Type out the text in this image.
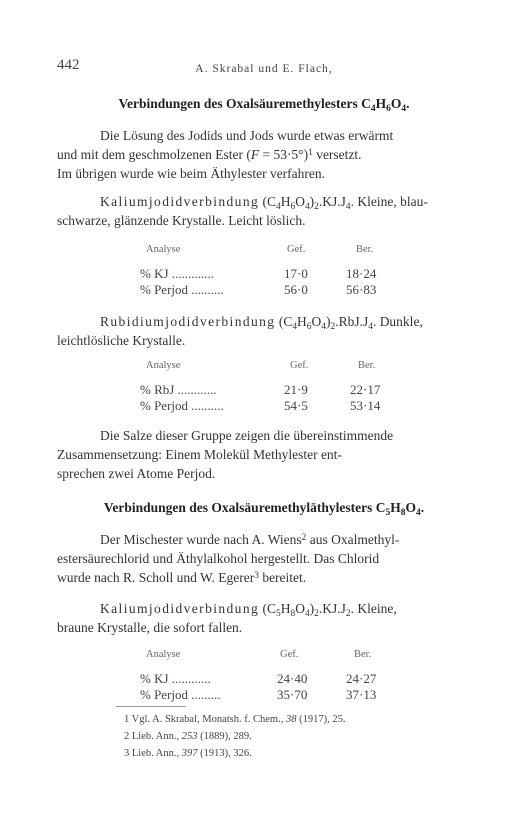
442	A. Skrabal und E. Flach,
Verbindungen des Oxalsäuremethylesters $C_4H_6O_4$.
Die Lösung des Jodids und Jods wurde etwas erwärmt
und mit dem geschmolzenen Ester (F = 53·5°)$^1$ versetzt.
Im übrigen wurde wie beim Äthylester verfahren.
Kaliumjodidverbindung $(C_4H_6O_4)_2.KJ.J_4$. Kleine, blau-
schwarze, glänzende Krystalle. Leicht löslich.
Analyse	Gef.	Ber.
% KJ .............	17·0	18·24
% Perjod ..........	56·0	56·83
Rubidiumjodidverbindung $(C_4H_6O_4)_2.RbJ.J_4$. Dunkle,
leichtlösliche Krystalle.
Analyse	Gef.	Ber.
% RbJ ............	21·9	22·17
% Perjod ..........	54·5	53·14
Die Salze dieser Gruppe zeigen die übereinstimmende
Zusammensetzung: Einem Molekül Methylester ent-
sprechen zwei Atome Perjod.
Verbindungen des Oxalsäuremethyläthylesters $C_5H_8O_4$.
Der Mischester wurde nach A. Wiens$^2$ aus Oxalmethyl-
estersäurechlorid und Äthylalkohol hergestellt. Das Chlorid
wurde nach R. Scholl und W. Egerer$^3$ bereitet.
Kaliumjodidverbindung $(C_5H_8O_4)_2.KJ.J_2$. Kleine,
braune Krystalle, die sofort fallen.
Analyse	Gef.	Ber.
% KJ ............	24·40	24·27
% Perjod .........	35·70	37·13
1 Vgl. A. Skrabal, Monatsh. f. Chem., 38 (1917), 25.
2 Lieb. Ann., 253 (1889), 289.
3 Lieb. Ann., 397 (1913), 326.
